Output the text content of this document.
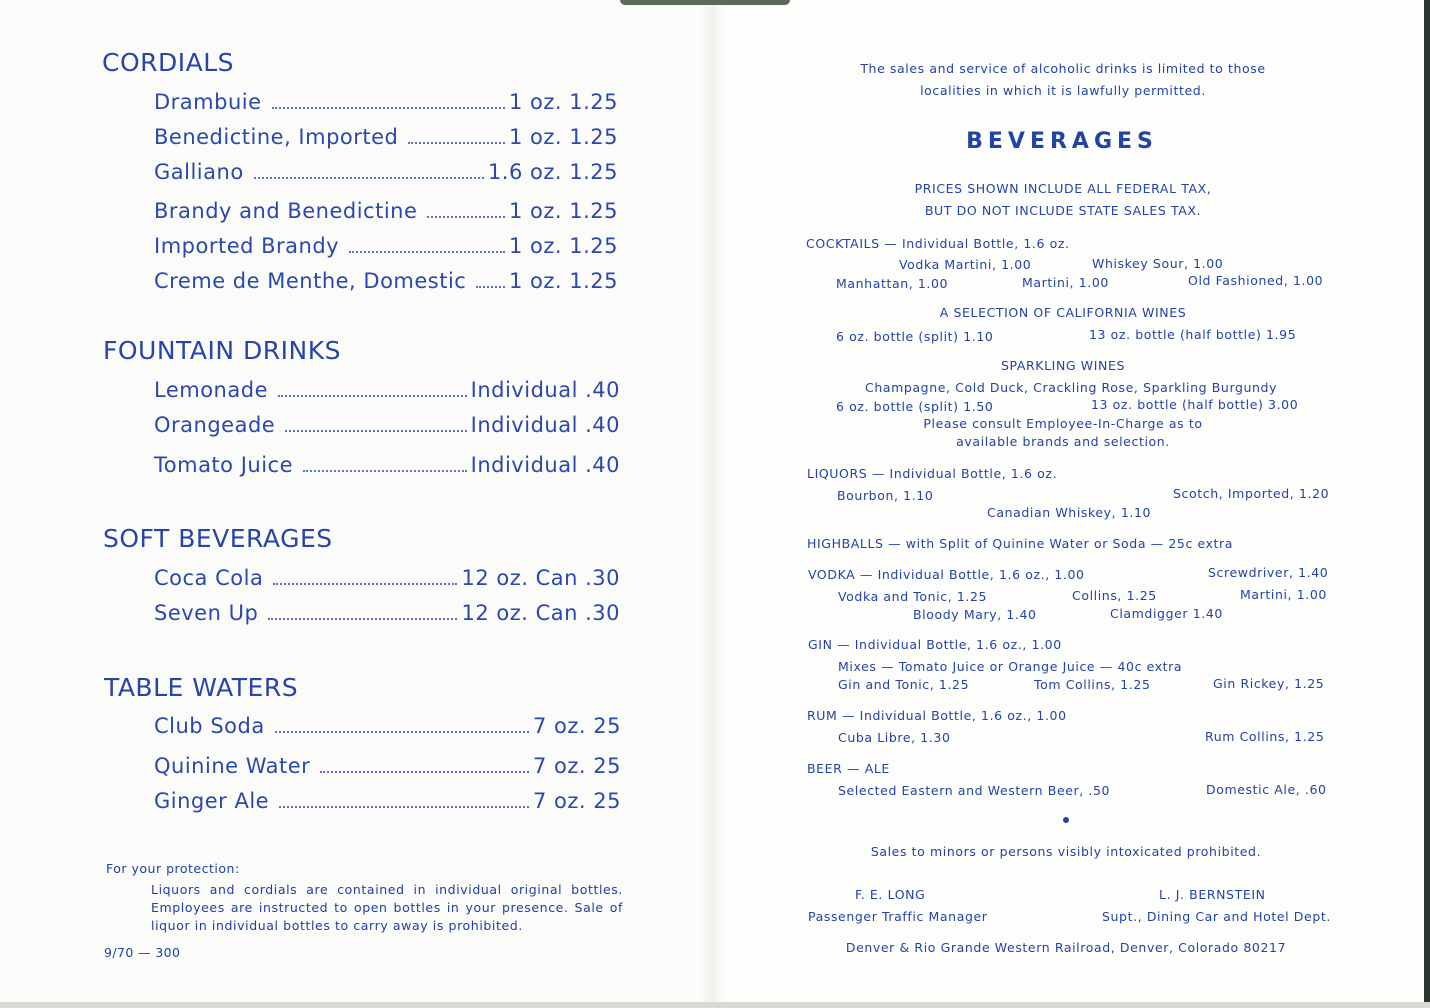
CORDIALS
Drambuie	1 oz. 1.25
Benedictine, Imported	1 oz. 1.25
Galliano	1.6 oz. 1.25
Brandy and Benedictine	1 oz. 1.25
Imported Brandy	1 oz. 1.25
Creme de Menthe, Domestic 1 oz. 1.25
FOUNTAIN DRINKS
Lemonade	Individual .40
Orangeade	Individual .40
Tomato Juice	Individual .40
SOFT BEVERAGES
Coca Cola	12 oz. Can .30
Seven Up	12 oz. Can .30
TABLE WATERS
Club Soda	7 oz. 25
Quinine Water	7 oz. 25
Ginger Ale	7 oz. 25
For your protection:
Liquors and cordials are contained in individual original bottles. Employees are instructed to open bottles in your presence. Sale of liquor in individual bottles to carry away is prohibited.
9/70 — 300
The sales and service of alcoholic drinks is limited to those
localities in which it is lawfully permitted.
BEVERAGES
PRICES SHOWN INCLUDE ALL FEDERAL TAX,
BUT DO NOT INCLUDE STATE SALES TAX.
COCKTAILS — Individual Bottle, 1.6 oz.
Vodka Martini, 1.00	Whiskey Sour, 1.00
Manhattan, 1.00	Martini, 1.00	Old Fashioned, 1.00
A SELECTION OF CALIFORNIA WINES
6 oz. bottle (split) 1.10	13 oz. bottle (half bottle) 1.95
SPARKLING WINES
Champagne, Cold Duck, Crackling Rose, Sparkling Burgundy
6 oz. bottle (split) 1.50	13 oz. bottle (half bottle) 3.00
Please consult Employee-In-Charge as to
available brands and selection.
LIQUORS — Individual Bottle, 1.6 oz.
Bourbon, 1.10	Scotch, Imported, 1.20
Canadian Whiskey, 1.10
HIGHBALLS — with Split of Quinine Water or Soda — 25c extra
VODKA — Individual Bottle, 1.6 oz., 1.00	Screwdriver, 1.40
Vodka and Tonic, 1.25	Collins, 1.25	Martini, 1.00
Bloody Mary, 1.40	Clamdigger 1.40
GIN — Individual Bottle, 1.6 oz., 1.00
Mixes — Tomato Juice or Orange Juice — 40c extra
Gin and Tonic, 1.25	Tom Collins, 1.25	Gin Rickey, 1.25
RUM — Individual Bottle, 1.6 oz., 1.00
Cuba Libre, 1.30	Rum Collins, 1.25
BEER — ALE
Selected Eastern and Western Beer, .50	Domestic Ale, .60
Sales to minors or persons visibly intoxicated prohibited.
F. E. LONG
Passenger Traffic Manager
L. J. BERNSTEIN
Supt., Dining Car and Hotel Dept.
Denver & Rio Grande Western Railroad, Denver, Colorado 80217
